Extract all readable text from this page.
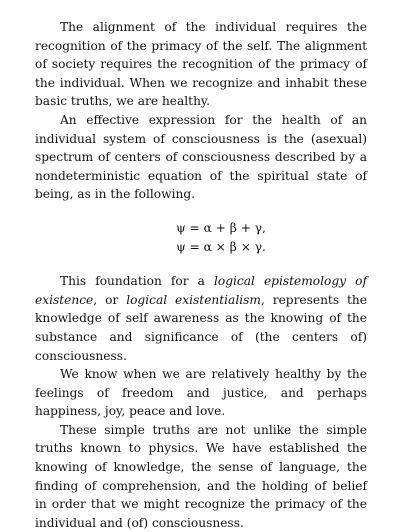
The alignment of the individual requires the recognition of the primacy of the self. The alignment of society requires the recognition of the primacy of the individual. When we recognize and inhabit these basic truths, we are healthy.

An effective expression for the health of an individual system of consciousness is the (asexual) spectrum of centers of consciousness described by a nondeterministic equation of the spiritual state of being, as in the following.

ψ = α + β + γ,
ψ = α × β × γ.

This foundation for a logical epistemology of existence, or logical existentialism, represents the knowledge of self awareness as the knowing of the substance and significance of (the centers of) consciousness.

We know when we are relatively healthy by the feelings of freedom and justice, and perhaps happiness, joy, peace and love.

These simple truths are not unlike the simple truths known to physics. We have established the knowing of knowledge, the sense of language, the finding of comprehension, and the holding of belief in order that we might recognize the primacy of the individual and (of) consciousness.
